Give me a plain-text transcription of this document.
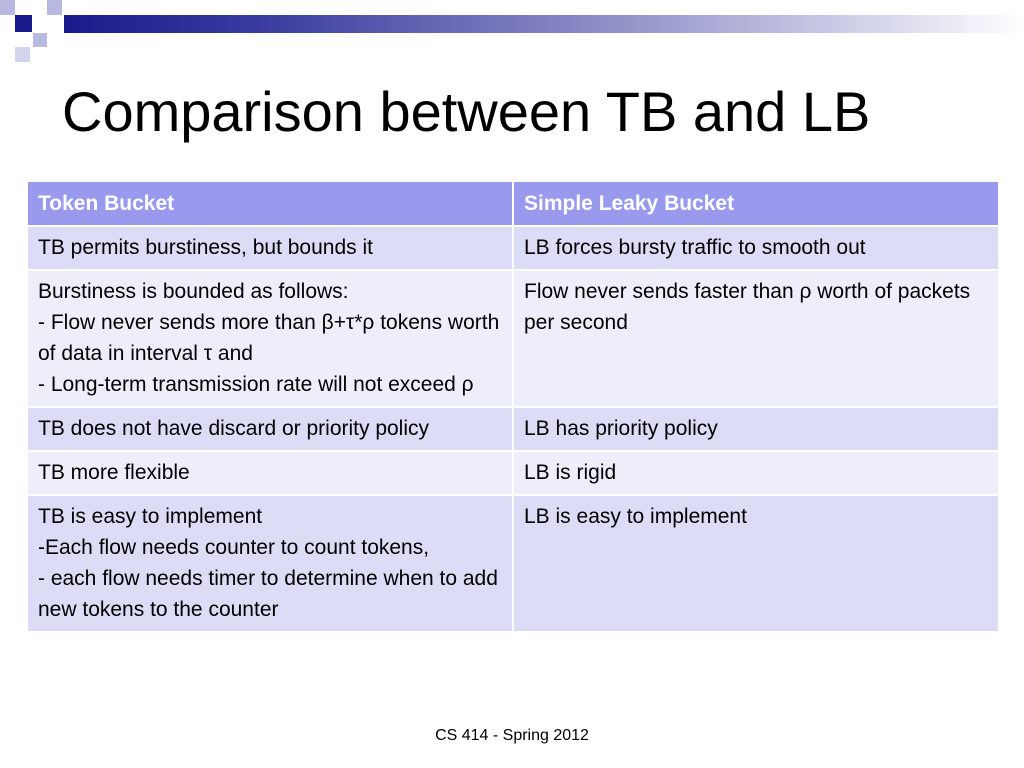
Comparison between TB and LB
Token Bucket	Simple Leaky Bucket
TB permits burstiness, but bounds it	LB forces bursty traffic to smooth out
Burstiness is bounded as follows:
- Flow never sends more than β+τ*ρ tokens worth of data in interval τ and
- Long-term transmission rate will not exceed ρ	Flow never sends faster than ρ worth of packets per second
TB does not have discard or priority policy	LB has priority policy
TB more flexible	LB is rigid
TB is easy to implement
-Each flow needs counter to count tokens,
- each flow needs timer to determine when to add new tokens to the counter	LB is easy to implement
CS 414 - Spring 2012
